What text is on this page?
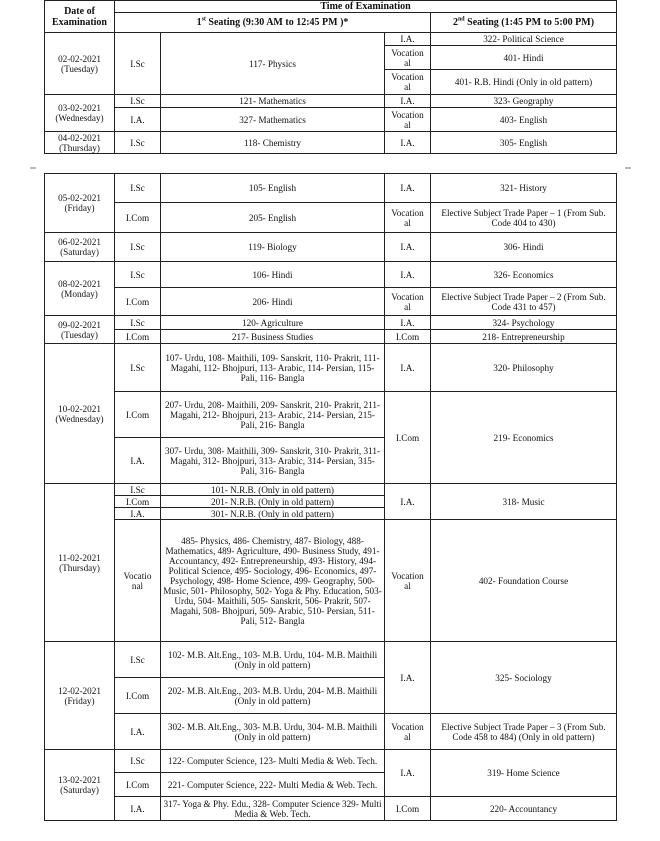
Date of Examination	Time of Examination			
	1st Seating (9:30 AM to 12:45 PM )*			2nd Seating (1:45 PM to 5:00 PM)

02-02-2021
(Tuesday)	I.Sc	117- Physics	I.A.	322- Political Science
			Vocation al	401- Hindi
			Vocation al	401- R.B. Hindi (Only in old pattern)

03-02-2021
(Wednesday)	I.Sc	121- Mathematics	I.A.	323- Geography
	I.A.	327- Mathematics	Vocation al	403- English

04-02-2021
(Thursday)	I.Sc	118- Chemistry	I.A.	305- English
05-02-2021
(Friday)	I.Sc	105- English	I.A.	321- History
	I.Com	205- English	Vocation al	Elective Subject Trade Paper – 1 (From Sub. Code 404 to 430)

06-02-2021
(Saturday)	I.Sc	119- Biology	I.A.	306- Hindi

08-02-2021
(Monday)	I.Sc	106- Hindi	I.A.	326- Economics
	I.Com	206- Hindi	Vocation al	Elective Subject Trade Paper – 2 (From Sub. Code 431 to 457)

09-02-2021
(Tuesday)	I.Sc	120- Agriculture	I.A.	324- Psychology
	I.Com	217- Business Studies	I.Com	218- Entrepreneurship

10-02-2021
(Wednesday)	I.Sc	107- Urdu, 108- Maithili, 109- Sanskrit, 110- Prakrit, 111- Magahi, 112- Bhojpuri, 113- Arabic, 114- Persian, 115- Pali, 116- Bangla	I.A.	320- Philosophy
	I.Com	207- Urdu, 208- Maithili, 209- Sanskrit, 210- Prakrit, 211- Magahi, 212- Bhojpuri, 213- Arabic, 214- Persian, 215- Pali, 216- Bangla	I.Com	219- Economics
	I.A.	307- Urdu, 308- Maithili, 309- Sanskrit, 310- Prakrit, 311- Magahi, 312- Bhojpuri, 313- Arabic, 314- Persian, 315- Pali, 316- Bangla		

11-02-2021
(Thursday)	I.Sc	101- N.R.B. (Only in old pattern)	I.A.	318- Music
	I.Com	201- N.R.B. (Only in old pattern)		
	I.A.	301- N.R.B. (Only in old pattern)		
	Vocatio nal	485- Physics, 486- Chemistry, 487- Biology, 488- Mathematics, 489- Agriculture, 490- Business Study, 491- Accountancy, 492- Entrepreneurship, 493- History, 494- Political Science, 495- Sociology, 496- Economics, 497- Psychology, 498- Home Science, 499- Geography, 500- Music, 501- Philosophy, 502- Yoga & Phy. Education, 503- Urdu, 504- Maithili, 505- Sanskrit, 506- Prakrit, 507- Magahi, 508- Bhojpuri, 509- Arabic, 510- Persian, 511- Pali, 512- Bangla	Vocation al	402- Foundation Course

12-02-2021
(Friday)	I.Sc	102- M.B. Alt.Eng., 103- M.B. Urdu, 104- M.B. Maithili (Only in old pattern)	I.A.	325- Sociology
	I.Com	202- M.B. Alt.Eng., 203- M.B. Urdu, 204- M.B. Maithili (Only in old pattern)		
	I.A.	302- M.B. Alt.Eng., 303- M.B. Urdu, 304- M.B. Maithili (Only in old pattern)	Vocation al	Elective Subject Trade Paper – 3 (From Sub. Code 458 to 484) (Only in old pattern)

13-02-2021
(Saturday)	I.Sc	122- Computer Science, 123- Multi Media & Web. Tech.	I.A.	319- Home Science
	I.Com	221- Computer Science, 222- Multi Media & Web. Tech.		
	I.A.	317- Yoga & Phy. Edu., 328- Computer Science 329- Multi Media & Web. Tech.	I.Com	220- Accountancy
